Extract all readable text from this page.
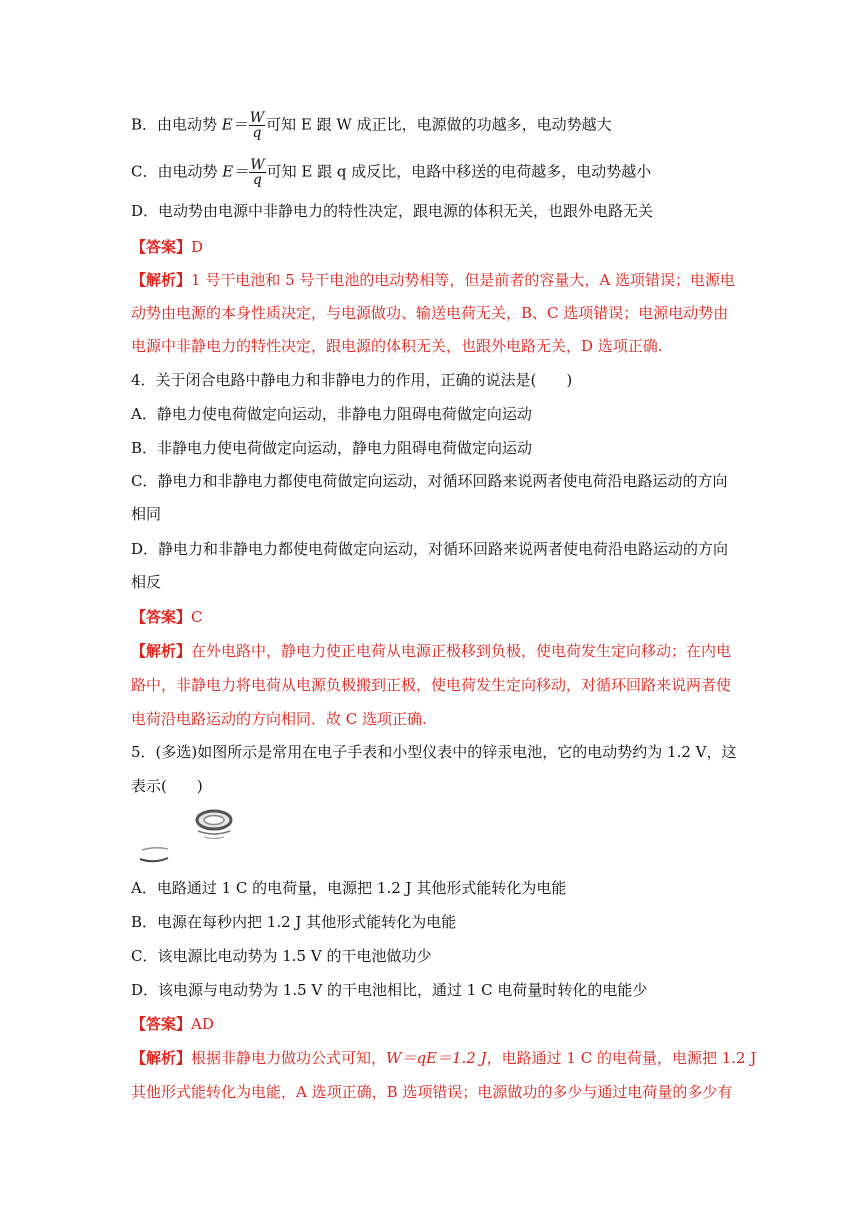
B．由电动势 $E= \frac{W}{q}$ 可知 E 跟 W 成正比，电源做的功越多，电动势越大
C．由电动势 $E= \frac{W}{q}$ 可知 E 跟 q 成反比，电路中移送的电荷越多，电动势越小
D．电动势由电源中非静电力的特性决定，跟电源的体积无关，也跟外电路无关
【答案】D
【解析】1 号干电池和 5 号干电池的电动势相等，但是前者的容量大，A 选项错误；电源电
动势由电源的本身性质决定，与电源做功、输送电荷无关，B、C 选项错误；电源电动势由
电源中非静电力的特性决定，跟电源的体积无关，也跟外电路无关，D 选项正确.
4．关于闭合电路中静电力和非静电力的作用，正确的说法是(　　)
A．静电力使电荷做定向运动，非静电力阻碍电荷做定向运动
B．非静电力使电荷做定向运动，静电力阻碍电荷做定向运动
C．静电力和非静电力都使电荷做定向运动，对循环回路来说两者使电荷沿电路运动的方向
相同
D．静电力和非静电力都使电荷做定向运动，对循环回路来说两者使电荷沿电路运动的方向
相反
【答案】C
【解析】在外电路中，静电力使正电荷从电源正极移到负极，使电荷发生定向移动；在内电
路中，非静电力将电荷从电源负极搬到正极，使电荷发生定向移动，对循环回路来说两者使
电荷沿电路运动的方向相同．故 C 选项正确.
5．(多选)如图所示是常用在电子手表和小型仪表中的锌汞电池，它的电动势约为 1.2 V，这
表示(　　)
A．电路通过 1 C 的电荷量，电源把 1.2 J 其他形式能转化为电能
B．电源在每秒内把 1.2 J 其他形式能转化为电能
C．该电源比电动势为 1.5 V 的干电池做功少
D．该电源与电动势为 1.5 V 的干电池相比，通过 1 C 电荷量时转化的电能少
【答案】AD
【解析】根据非静电力做功公式可知，W＝qE＝1.2 J，电路通过 1 C 的电荷量，电源把 1.2 J
其他形式能转化为电能，A 选项正确，B 选项错误；电源做功的多少与通过电荷量的多少有
